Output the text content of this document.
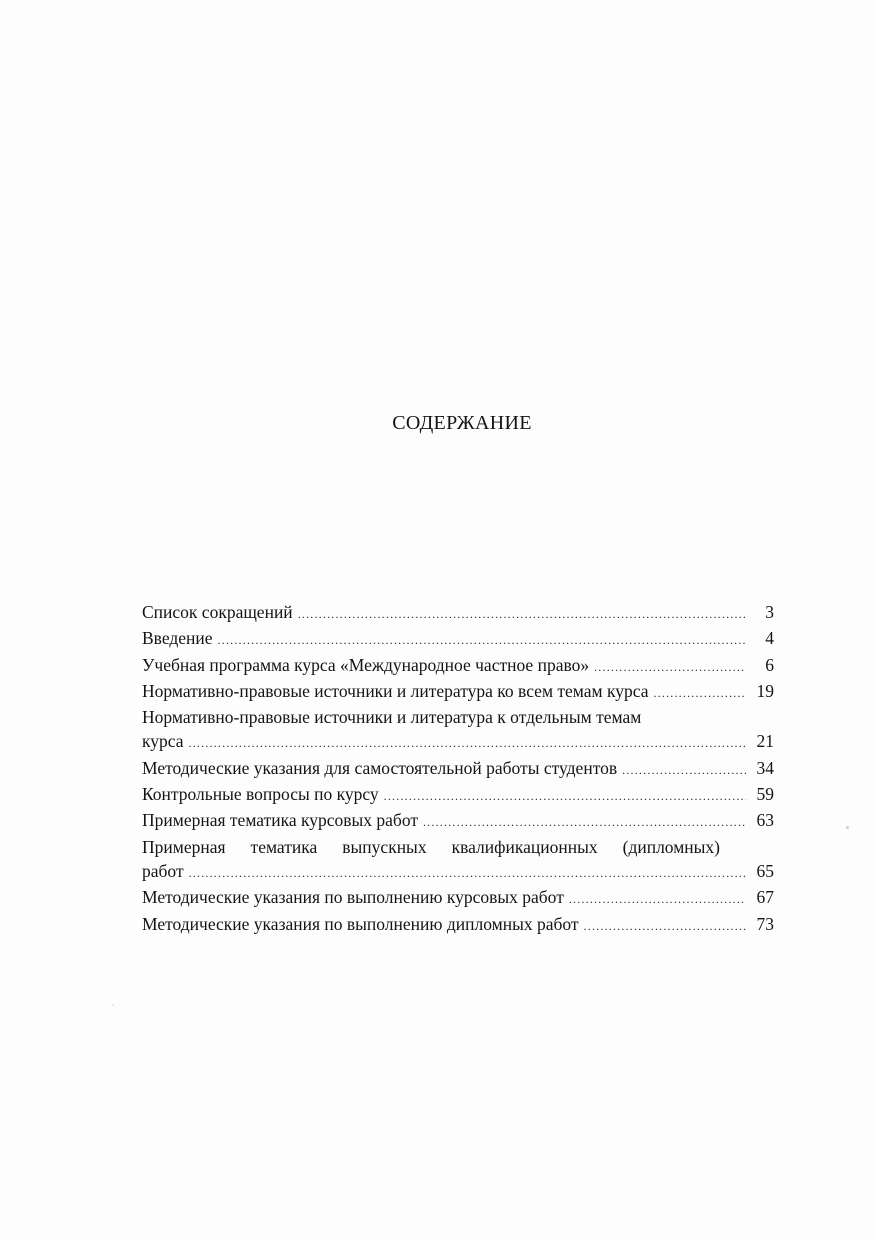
СОДЕРЖАНИЕ
Список сокращений .....	3
Введение .....	4
Учебная программа курса «Международное частное право» .....	6
Нормативно-правовые источники и литература ко всем темам курса .....	19
Нормативно-правовые источники и литература к отдельным темам
курса .....	21
Методические указания для самостоятельной работы студентов .....	34
Контрольные вопросы по курсу .....	59
Примерная тематика курсовых работ .....	63
Примерная тематика выпускных квалификационных (дипломных)
работ .....	65
Методические указания по выполнению курсовых работ .....	67
Методические указания по выполнению дипломных работ .....	73
